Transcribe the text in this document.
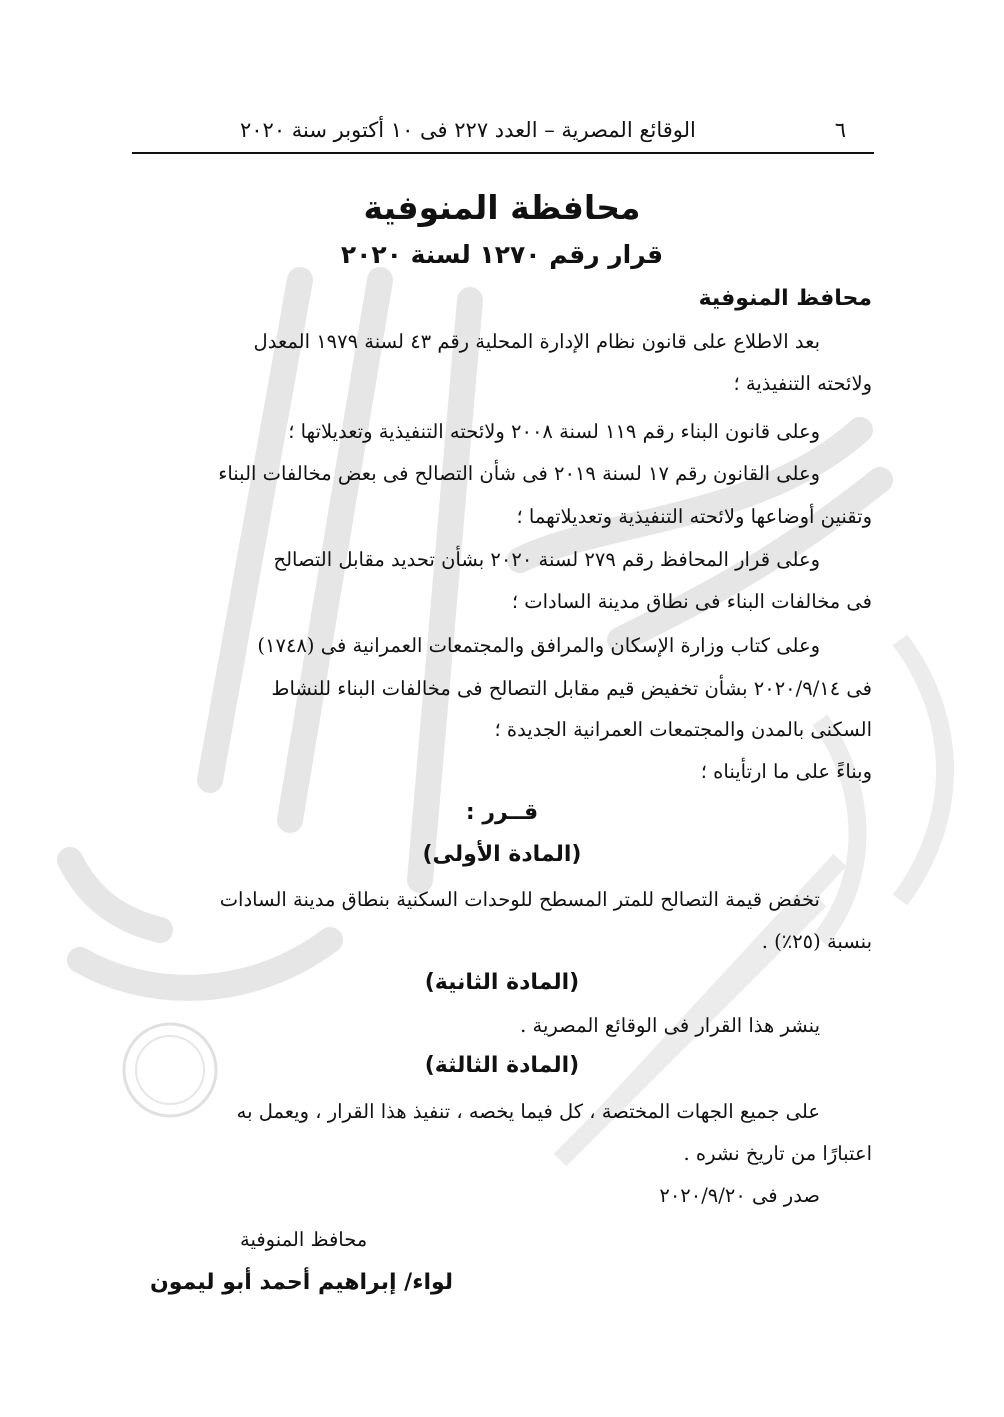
٦
الوقائع المصرية – العدد ٢٢٧ فى ١٠ أكتوبر سنة ٢٠٢٠
محافظة المنوفية
قرار رقم ١٢٧٠ لسنة ٢٠٢٠
محافظ المنوفية
بعد الاطلاع على قانون نظام الإدارة المحلية رقم ٤٣ لسنة ١٩٧٩ المعدل
ولائحته التنفيذية ؛
وعلى قانون البناء رقم ١١٩ لسنة ٢٠٠٨ ولائحته التنفيذية وتعديلاتها ؛
وعلى القانون رقم ١٧ لسنة ٢٠١٩ فى شأن التصالح فى بعض مخالفات البناء
وتقنين أوضاعها ولائحته التنفيذية وتعديلاتهما ؛
وعلى قرار المحافظ رقم ٢٧٩ لسنة ٢٠٢٠ بشأن تحديد مقابل التصالح
فى مخالفات البناء فى نطاق مدينة السادات ؛
وعلى كتاب وزارة الإسكان والمرافق والمجتمعات العمرانية فى (١٧٤٨)
فى ٢٠٢٠/٩/١٤ بشأن تخفيض قيم مقابل التصالح فى مخالفات البناء للنشاط
السكنى بالمدن والمجتمعات العمرانية الجديدة ؛
وبناءً على ما ارتأيناه ؛
قــرر :
(المادة الأولى)
تخفض قيمة التصالح للمتر المسطح للوحدات السكنية بنطاق مدينة السادات
بنسبة (٢٥٪) .
(المادة الثانية)
ينشر هذا القرار فى الوقائع المصرية .
(المادة الثالثة)
على جميع الجهات المختصة ، كل فيما يخصه ، تنفيذ هذا القرار ، ويعمل به
اعتبارًا من تاريخ نشره .
صدر فى ٢٠٢٠/٩/٢٠
محافظ المنوفية
لواء/ إبراهيم أحمد أبو ليمون
